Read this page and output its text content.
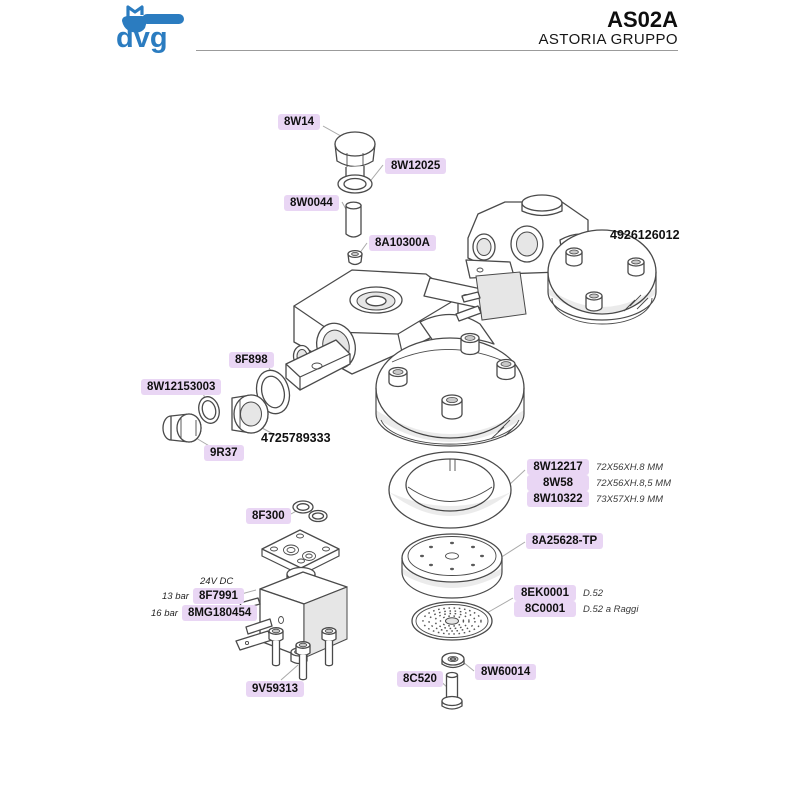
dvg
AS02A
ASTORIA GRUPPO
8W14
8W12025
8W0044
8A10300A
4926126012
8F898
8W12153003
9R37
4725789333
8W12217	72X56XH.8 MM
8W58	72X56XH.8,5 MM
8W10322	73X57XH.9 MM
8A25628-TP
8F300
8EK0001	D.52
8C0001	D.52 a Raggi
24V DC
13 bar 8F7991
16 bar 8MG180454
9V59313
8C520
8W60014
